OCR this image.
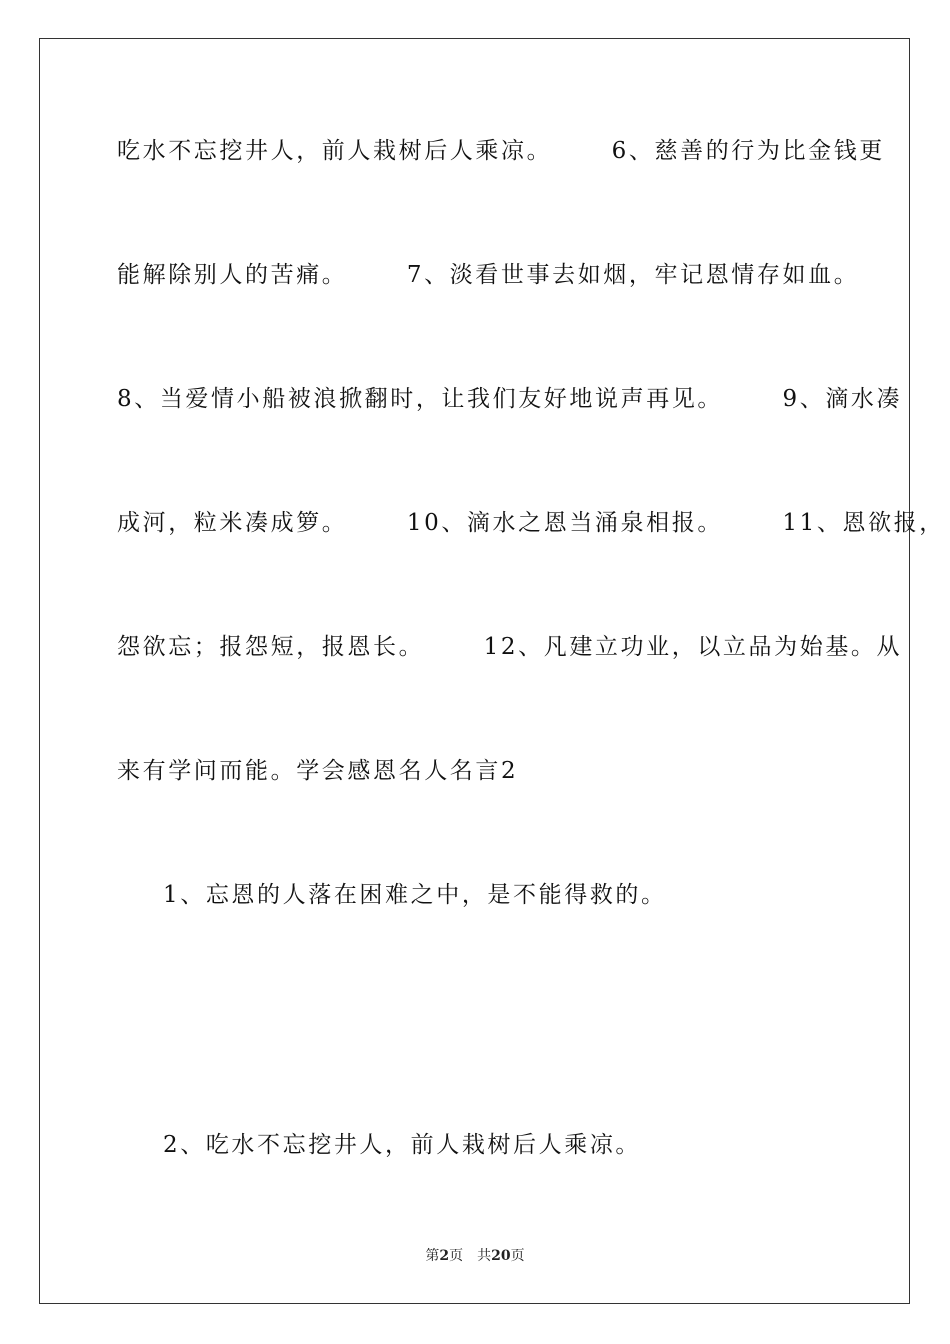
吃水不忘挖井人，前人栽树后人乘凉。      6、慈善的行为比金钱更
能解除别人的苦痛。      7、淡看世事去如烟，牢记恩情存如血。
8、当爱情小船被浪掀翻时，让我们友好地说声再见。      9、滴水凑
成河，粒米凑成箩。      10、滴水之恩当涌泉相报。      11、恩欲报，
怨欲忘；报怨短，报恩长。      12、凡建立功业，以立品为始基。从
来有学问而能。学会感恩名人名言2
1、忘恩的人落在困难之中，是不能得救的。
2、吃水不忘挖井人，前人栽树后人乘凉。
第2页 共20页
